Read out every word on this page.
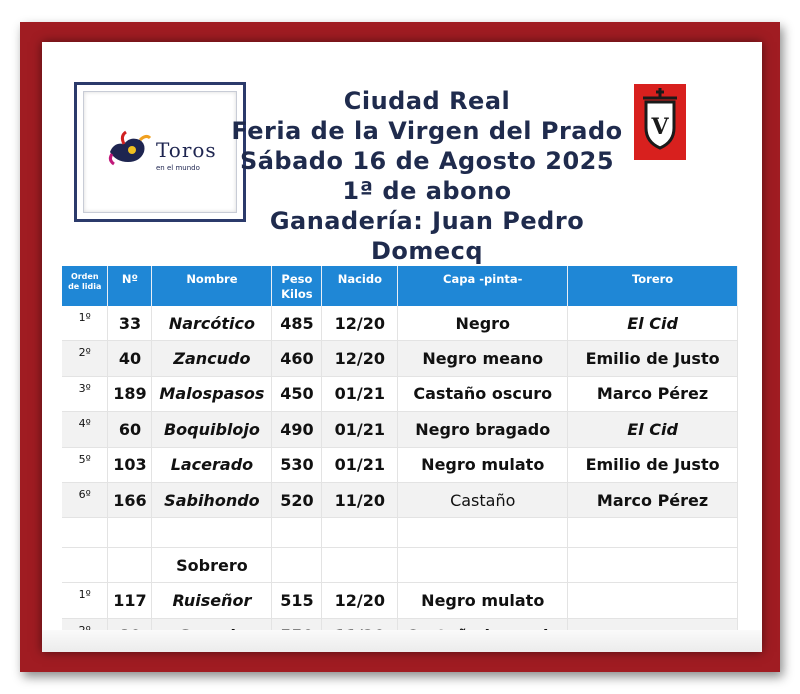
Toros
en el mundo
Ciudad Real
Feria de la Virgen del Prado
Sábado 16 de Agosto 2025
1ª de abono
Ganadería: Juan Pedro Domecq
V
Orden de lidia	Nº	Nombre	Peso Kilos	Nacido	Capa -pinta-	Torero
1º	33	Narcótico	485	12/20	Negro	El Cid
2º	40	Zancudo	460	12/20	Negro meano	Emilio de Justo
3º	189	Malospasos	450	01/21	Castaño oscuro	Marco Pérez
4º	60	Boquiblojo	490	01/21	Negro bragado	El Cid
5º	103	Lacerado	530	01/21	Negro mulato	Emilio de Justo
6º	166	Sabihondo	520	11/20	Castaño	Marco Pérez

		Sobrero				
1º	117	Ruiseñor	515	12/20	Negro mulato	
